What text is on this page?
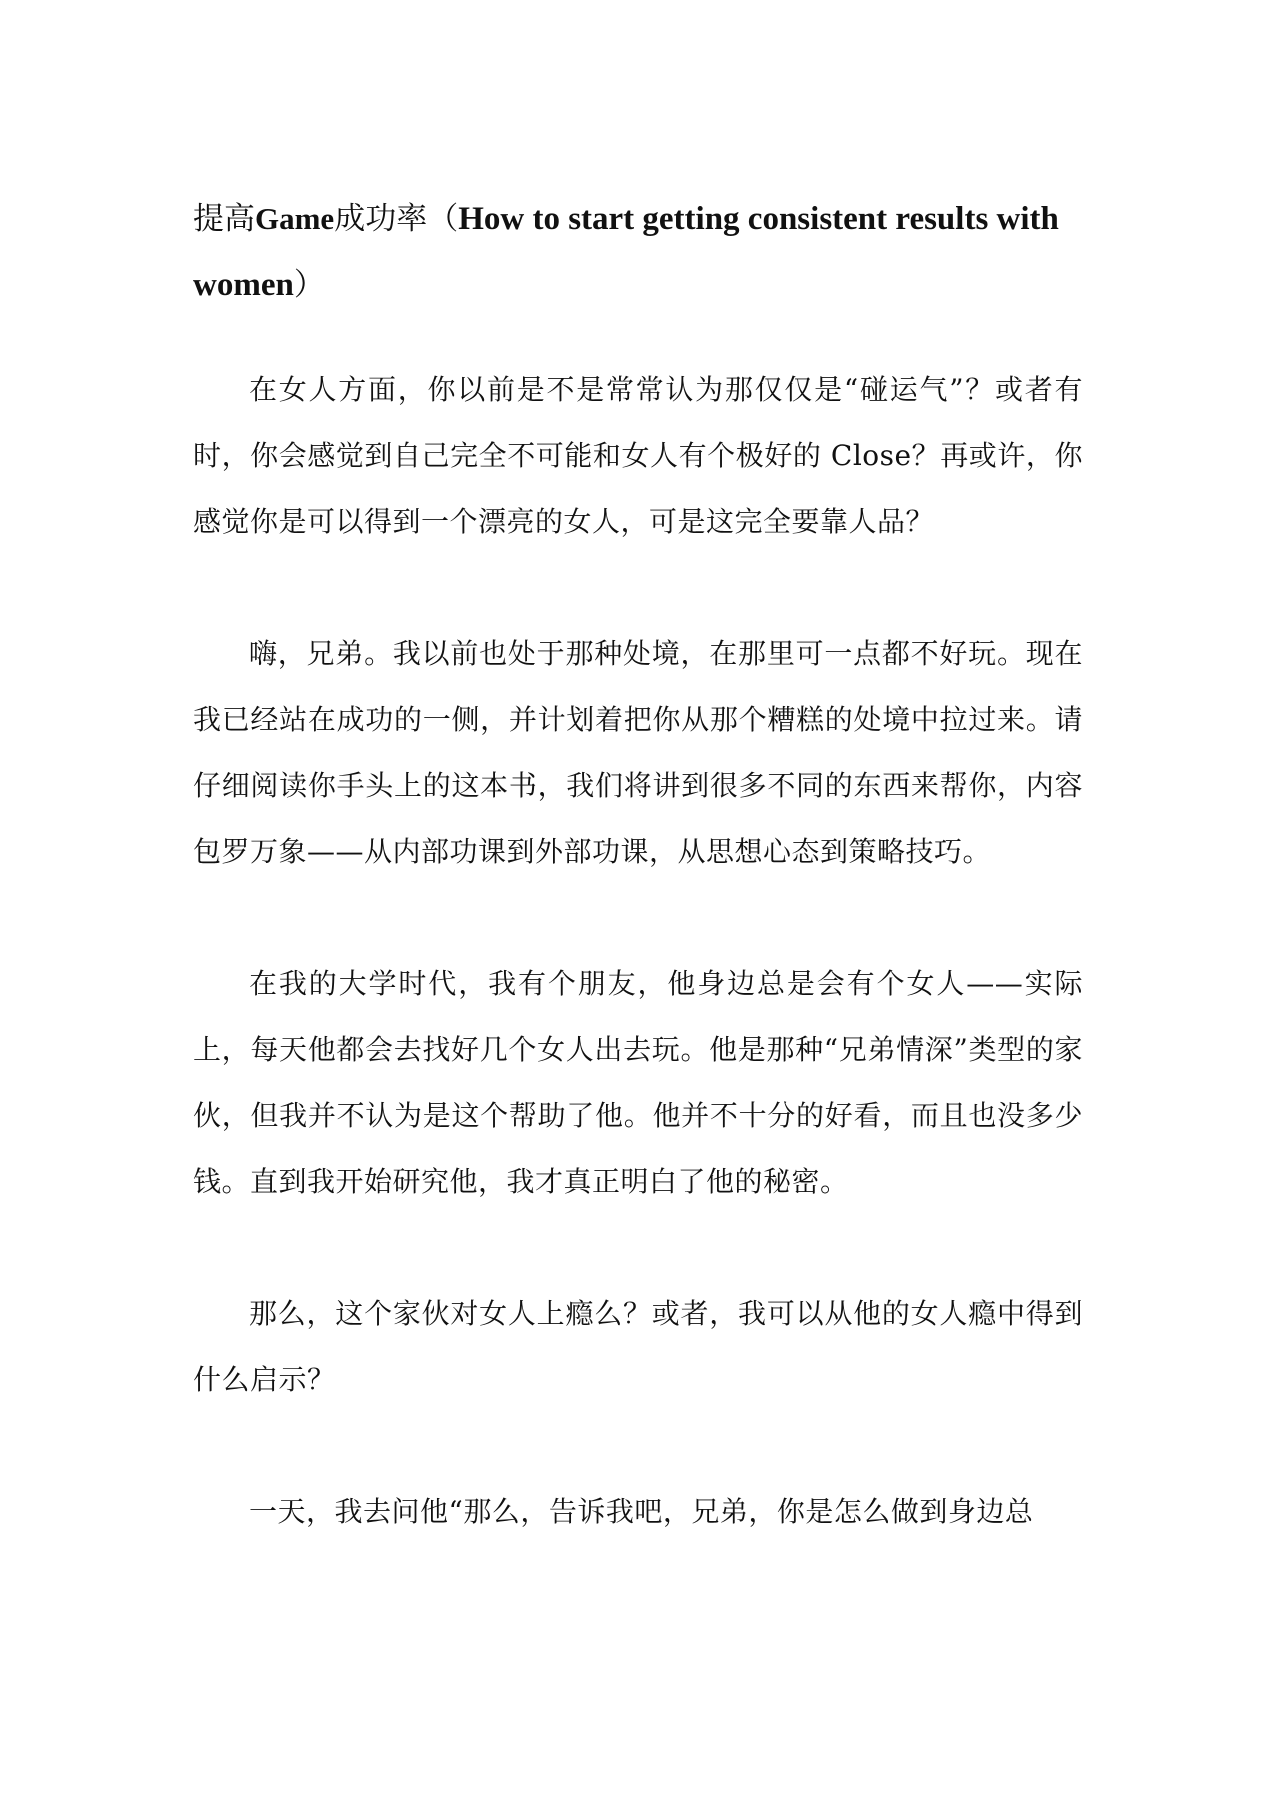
提高Game成功率（How to start getting consistent results with women）

在女人方面，你以前是不是常常认为那仅仅是“碰运气”？或者有时，你会感觉到自己完全不可能和女人有个极好的 Close？再或许，你感觉你是可以得到一个漂亮的女人，可是这完全要靠人品？

嗨，兄弟。我以前也处于那种处境，在那里可一点都不好玩。现在我已经站在成功的一侧，并计划着把你从那个糟糕的处境中拉过来。请仔细阅读你手头上的这本书，我们将讲到很多不同的东西来帮你，内容包罗万象——从内部功课到外部功课，从思想心态到策略技巧。

在我的大学时代，我有个朋友，他身边总是会有个女人——实际上，每天他都会去找好几个女人出去玩。他是那种“兄弟情深”类型的家伙，但我并不认为是这个帮助了他。他并不十分的好看，而且也没多少钱。直到我开始研究他，我才真正明白了他的秘密。

那么，这个家伙对女人上瘾么？或者，我可以从他的女人瘾中得到什么启示？

一天，我去问他“那么，告诉我吧，兄弟，你是怎么做到身边总
